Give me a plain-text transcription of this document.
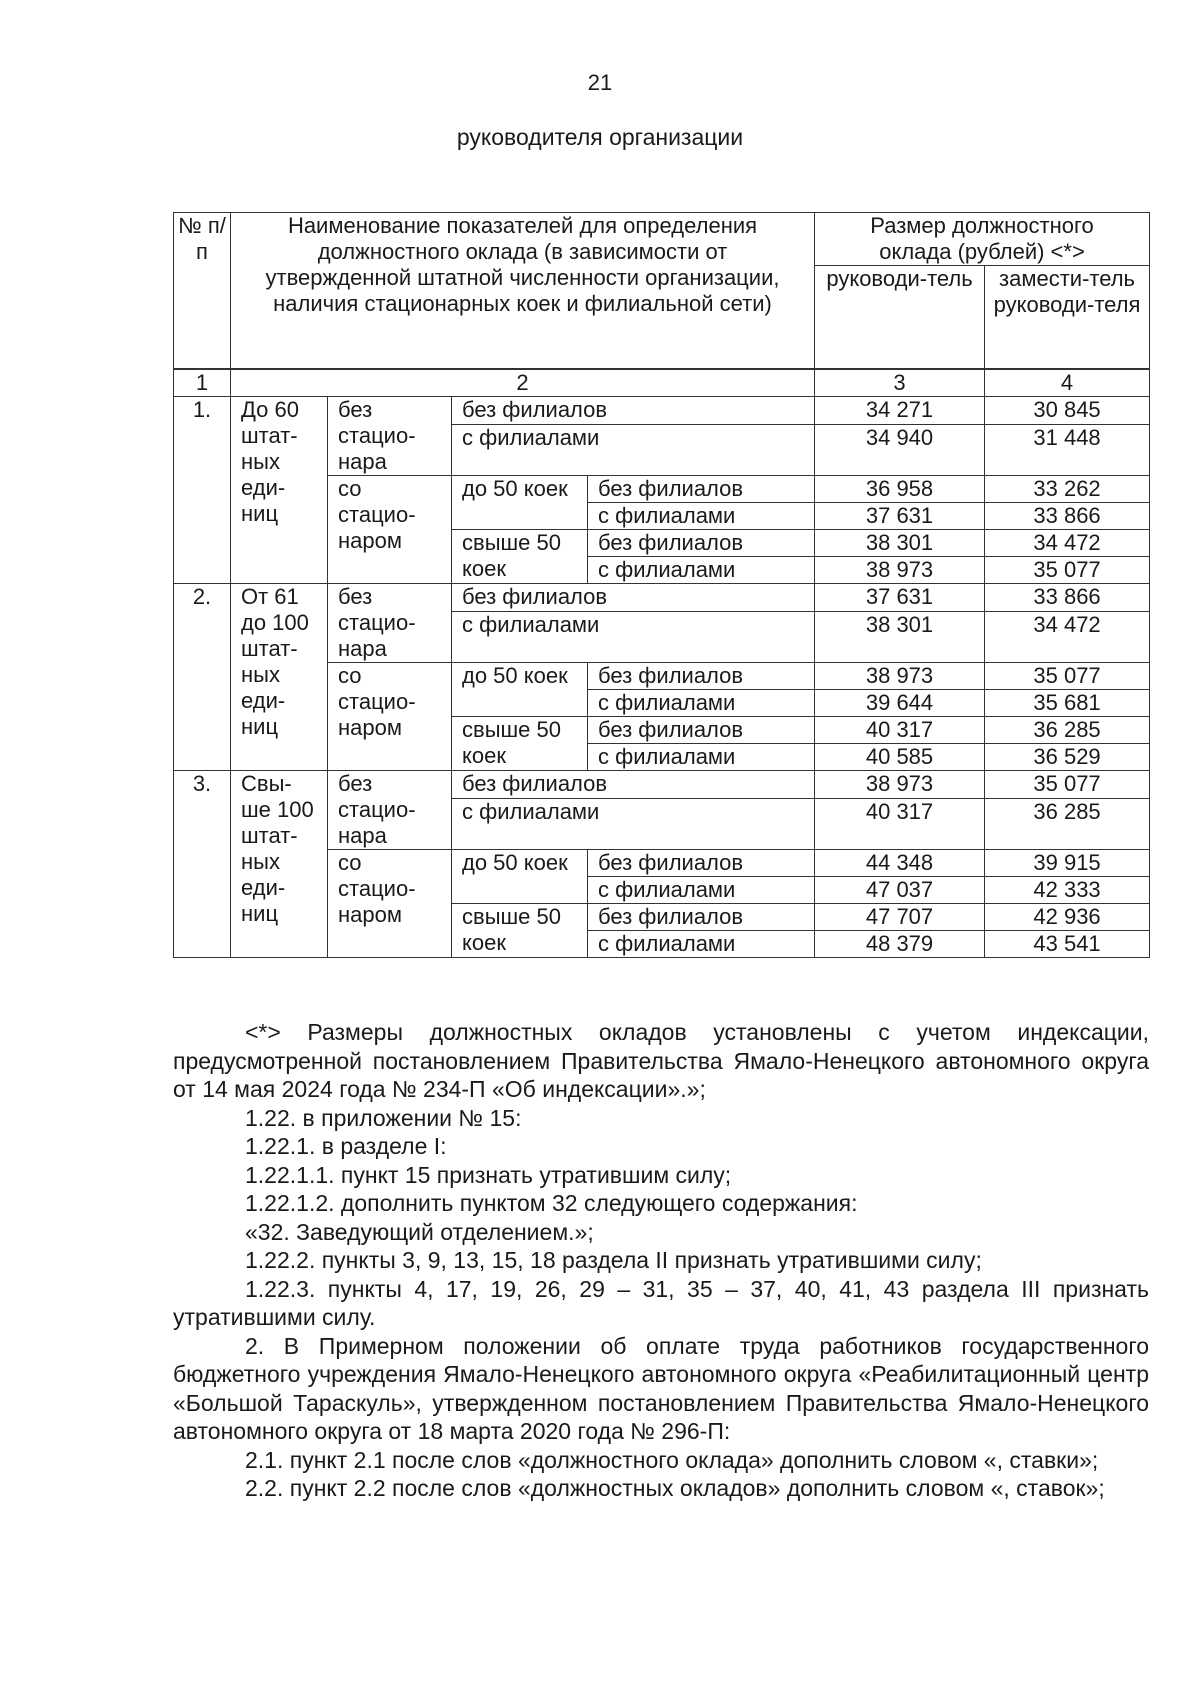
21
руководителя организации
№ п/п	Наименование показателей для определения должностного оклада (в зависимости от утвержденной штатной численности организации, наличия стационарных коек и филиальной сети)				Размер должностного оклада (рублей) <*>	
					руководи-тель	замести-тель руководи-теля
1	2				3	4
1.	До 60 штат-ных еди-ниц	без стацио-нара	без филиалов		34 271	30 845
			с филиалами		34 940	31 448
		со стацио-наром	до 50 коек	без филиалов	36 958	33 262
				с филиалами	37 631	33 866
			свыше 50 коек	без филиалов	38 301	34 472
				с филиалами	38 973	35 077
2.	От 61 до 100 штат-ных еди-ниц	без стацио-нара	без филиалов		37 631	33 866
			с филиалами		38 301	34 472
		со стацио-наром	до 50 коек	без филиалов	38 973	35 077
				с филиалами	39 644	35 681
			свыше 50 коек	без филиалов	40 317	36 285
				с филиалами	40 585	36 529
3.	Свы-ше 100 штат-ных еди-ниц	без стацио-нара	без филиалов		38 973	35 077
			с филиалами		40 317	36 285
		со стацио-наром	до 50 коек	без филиалов	44 348	39 915
				с филиалами	47 037	42 333
			свыше 50 коек	без филиалов	47 707	42 936
				с филиалами	48 379	43 541

<*> Размеры должностных окладов установлены с учетом индексации, предусмотренной постановлением Правительства Ямало-Ненецкого автономного округа от 14 мая 2024 года № 234-П «Об индексации».»;

1.22. в приложении № 15:

1.22.1. в разделе I:

1.22.1.1. пункт 15 признать утратившим силу;

1.22.1.2. дополнить пунктом 32 следующего содержания:

«32. Заведующий отделением.»;

1.22.2. пункты 3, 9, 13, 15, 18 раздела II признать утратившими силу;

1.22.3. пункты 4, 17, 19, 26, 29 – 31, 35 – 37, 40, 41, 43 раздела III признать утратившими силу.

2. В Примерном положении об оплате труда работников государственного бюджетного учреждения Ямало-Ненецкого автономного округа «Реабилитационный центр «Большой Тараскуль», утвержденном постановлением Правительства Ямало-Ненецкого автономного округа от 18 марта 2020 года № 296-П:

2.1. пункт 2.1 после слов «должностного оклада» дополнить словом «, ставки»;

2.2. пункт 2.2 после слов «должностных окладов» дополнить словом «, ставок»;
